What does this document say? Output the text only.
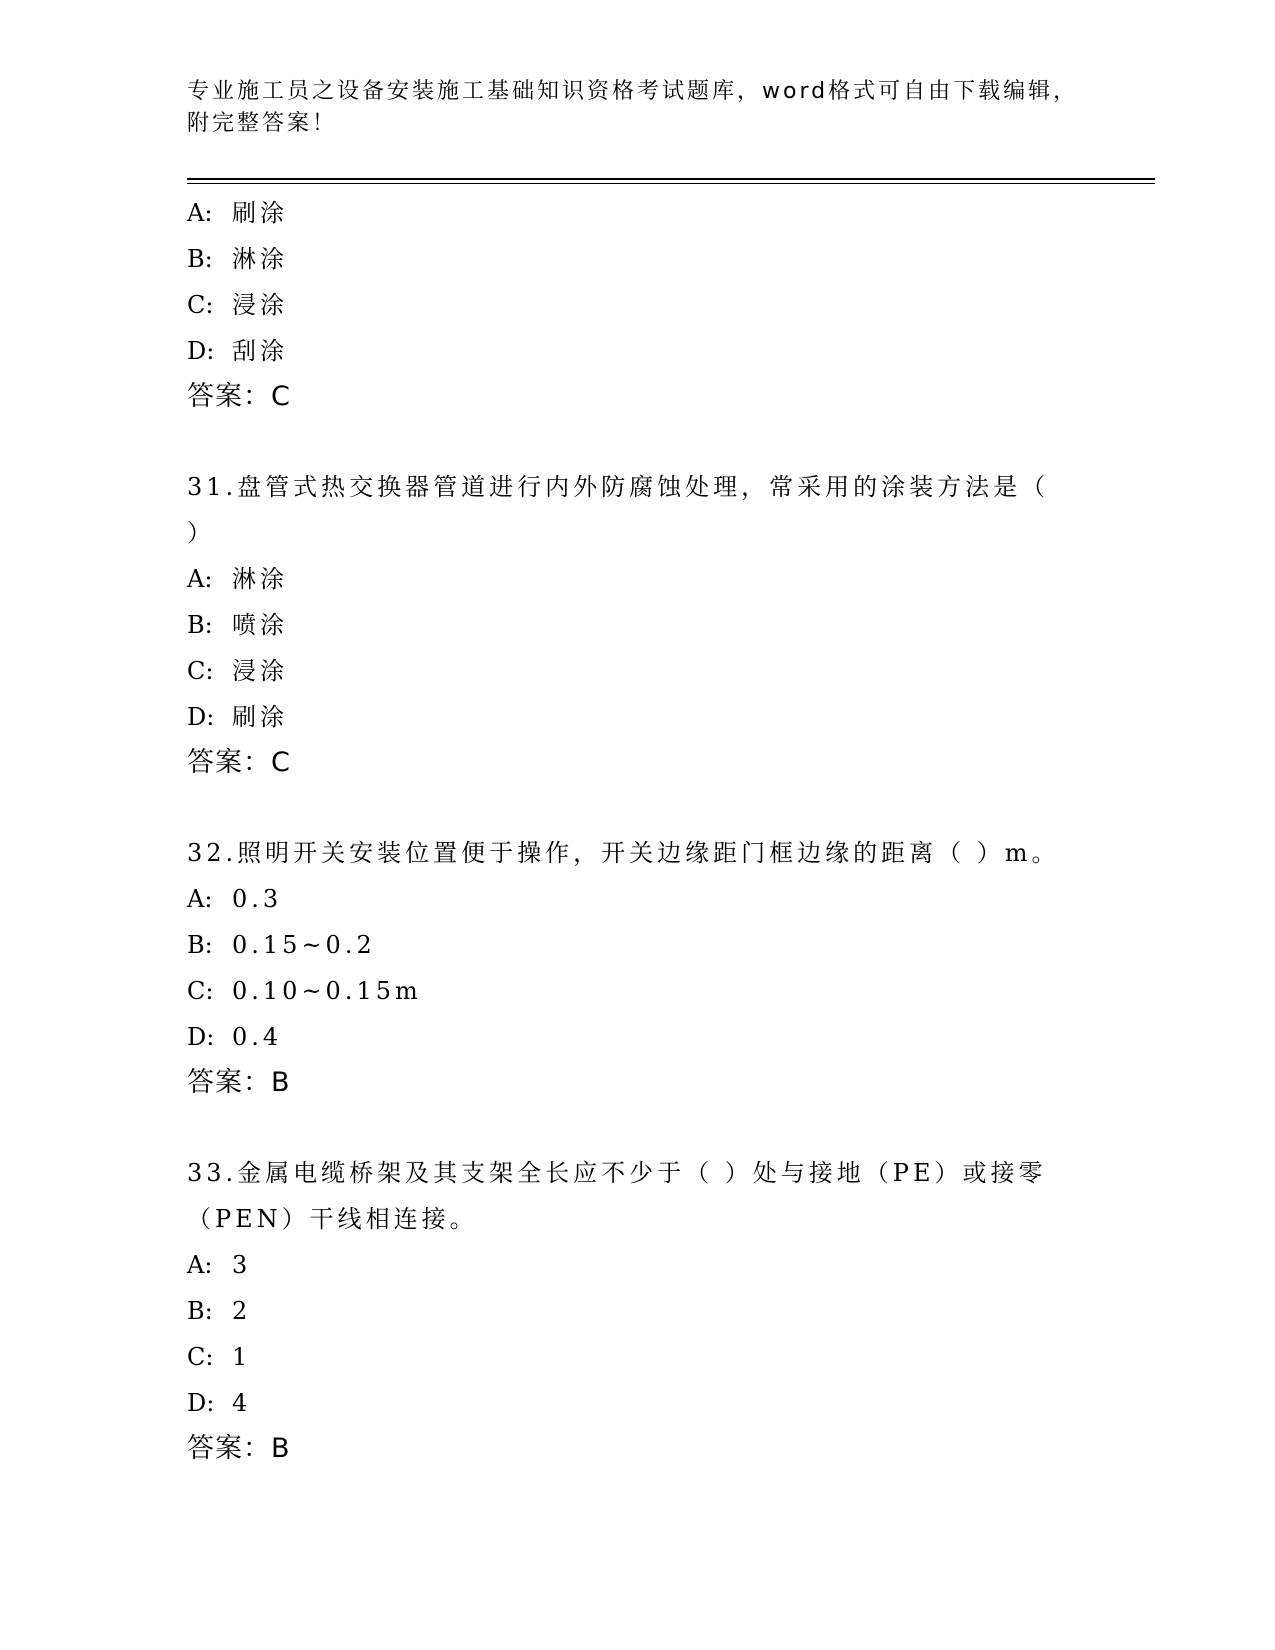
专业施工员之设备安装施工基础知识资格考试题库，word格式可自由下载编辑，
附完整答案！
A: 刷涂
B: 淋涂
C: 浸涂
D: 刮涂
答案：C
31.盘管式热交换器管道进行内外防腐蚀处理，常采用的涂装方法是（
）
A: 淋涂
B: 喷涂
C: 浸涂
D: 刷涂
答案：C
32.照明开关安装位置便于操作，开关边缘距门框边缘的距离（ ）m。
A: 0.3
B: 0.15~0.2
C: 0.10~0.15m
D: 0.4
答案：B
33.金属电缆桥架及其支架全长应不少于（ ）处与接地（PE）或接零
（PEN）干线相连接。
A: 3
B: 2
C: 1
D: 4
答案：B
